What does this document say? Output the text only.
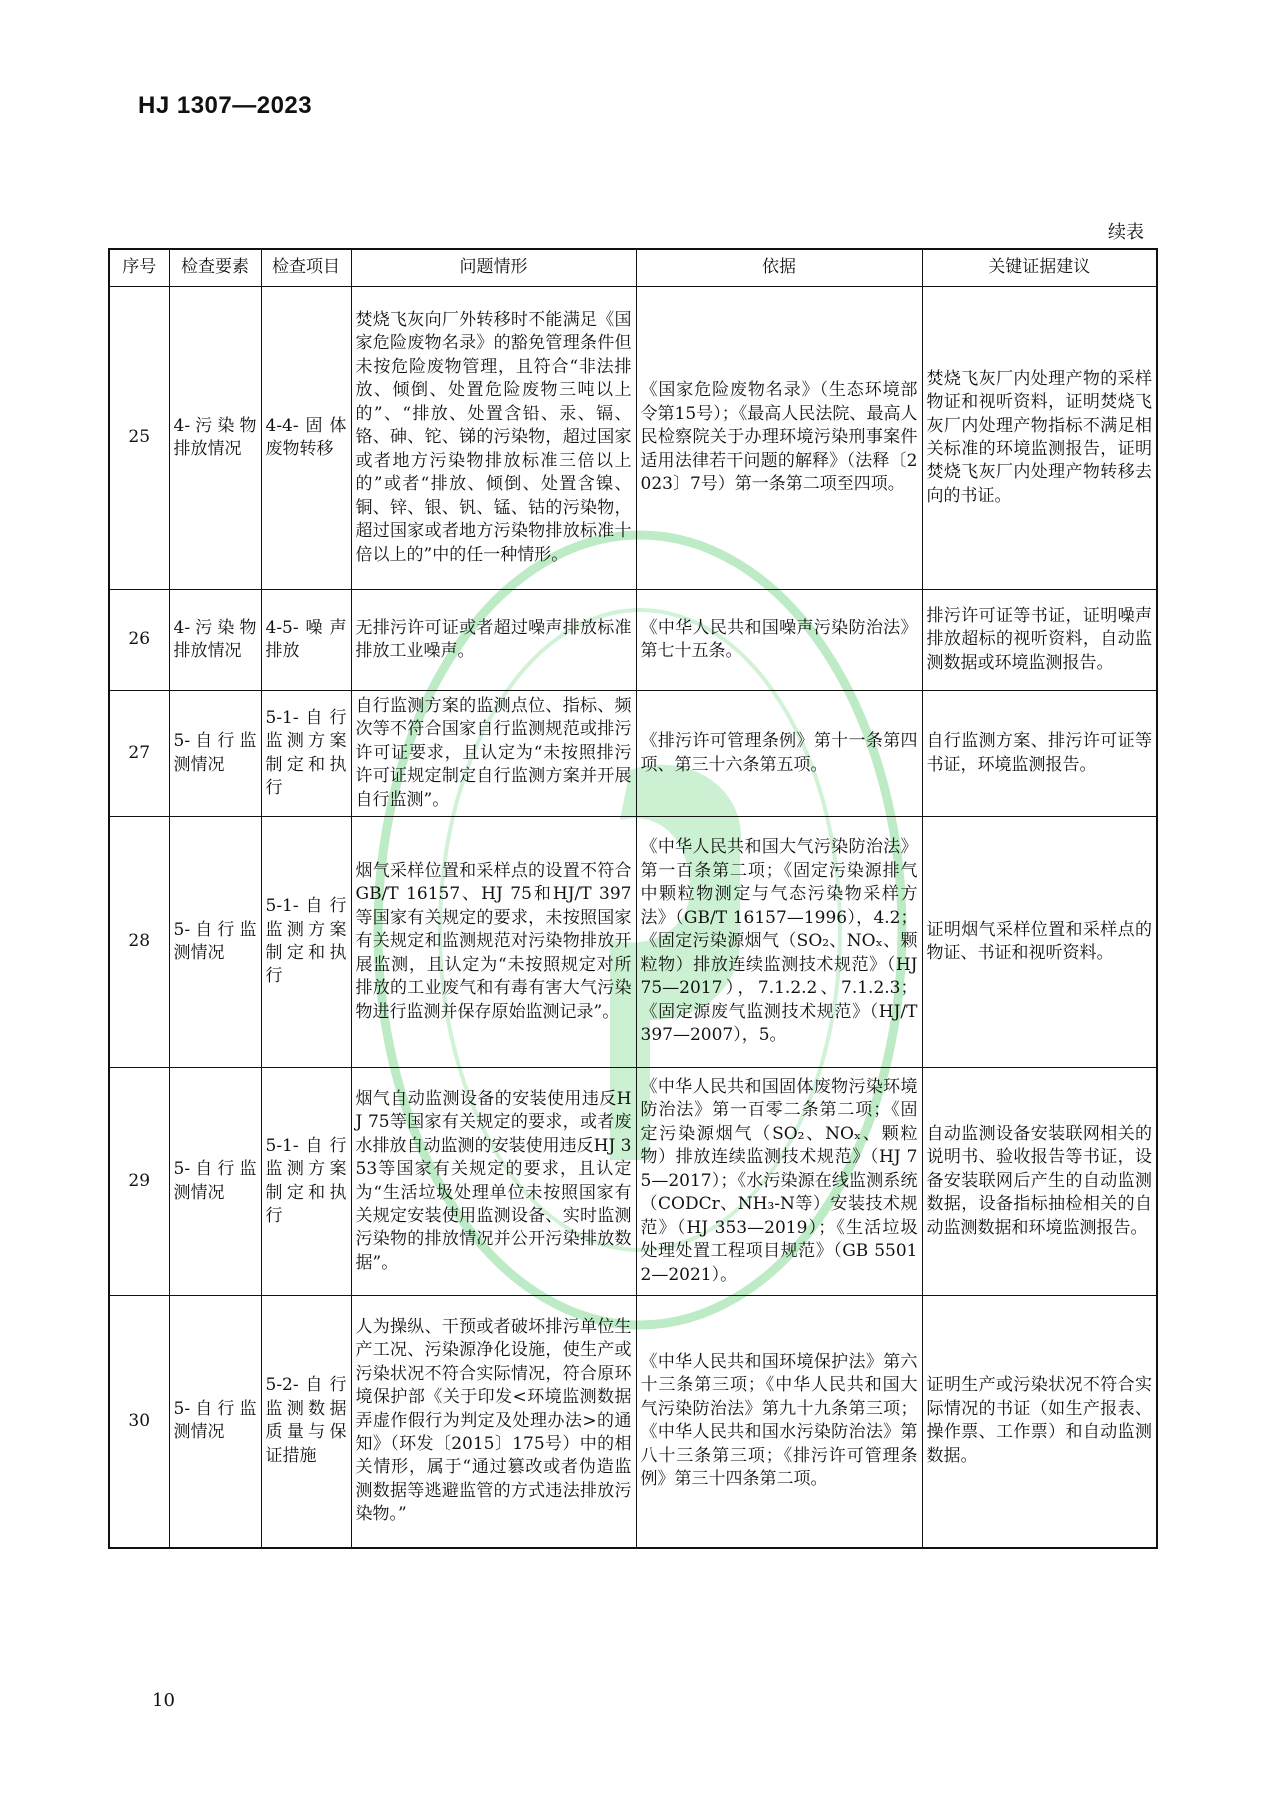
HJ 1307—2023
续表
序号	检查要素	检查项目	问题情形	依据	关键证据建议
25	4-污染物排放情况	4-4-固体废物转移	焚烧飞灰向厂外转移时不能满足《国家危险废物名录》的豁免管理条件但未按危险废物管理，且符合“非法排放、倾倒、处置危险废物三吨以上的”、“排放、处置含铅、汞、镉、铬、砷、铊、锑的污染物，超过国家或者地方污染物排放标准三倍以上的”或者“排放、倾倒、处置含镍、铜、锌、银、钒、锰、钴的污染物，超过国家或者地方污染物排放标准十倍以上的”中的任一种情形。	《国家危险废物名录》（生态环境部令第15号）；《最高人民法院、最高人民检察院关于办理环境污染刑事案件适用法律若干问题的解释》（法释〔2023〕7号）第一条第二项至四项。	焚烧飞灰厂内处理产物的采样物证和视听资料，证明焚烧飞灰厂内处理产物指标不满足相关标准的环境监测报告，证明焚烧飞灰厂内处理产物转移去向的书证。
26	4-污染物排放情况	4-5-噪声排放	无排污许可证或者超过噪声排放标准排放工业噪声。	《中华人民共和国噪声污染防治法》第七十五条。	排污许可证等书证，证明噪声排放超标的视听资料，自动监测数据或环境监测报告。
27	5-自行监测情况	5-1-自行监测方案制定和执行	自行监测方案的监测点位、指标、频次等不符合国家自行监测规范或排污许可证要求，且认定为“未按照排污许可证规定制定自行监测方案并开展自行监测”。	《排污许可管理条例》第十一条第四项、第三十六条第五项。	自行监测方案、排污许可证等书证，环境监测报告。
28	5-自行监测情况	5-1-自行监测方案制定和执行	烟气采样位置和采样点的设置不符合GB/T 16157、HJ 75和HJ/T 397等国家有关规定的要求，未按照国家有关规定和监测规范对污染物排放开展监测，且认定为“未按照规定对所排放的工业废气和有毒有害大气污染物进行监测并保存原始监测记录”。	《中华人民共和国大气污染防治法》第一百条第二项；《固定污染源排气中颗粒物测定与气态污染物采样方法》（GB/T 16157—1996），4.2；《固定污染源烟气（SO₂、NOₓ、颗粒物）排放连续监测技术规范》（HJ 75—2017），7.1.2.2、7.1.2.3；《固定源废气监测技术规范》（HJ/T 397—2007），5。	证明烟气采样位置和采样点的物证、书证和视听资料。
29	5-自行监测情况	5-1-自行监测方案制定和执行	烟气自动监测设备的安装使用违反HJ 75等国家有关规定的要求，或者废水排放自动监测的安装使用违反HJ 353等国家有关规定的要求，且认定为“生活垃圾处理单位未按照国家有关规定安装使用监测设备、实时监测污染物的排放情况并公开污染排放数据”。	《中华人民共和国固体废物污染环境防治法》第一百零二条第二项；《固定污染源烟气（SO₂、NOₓ、颗粒物）排放连续监测技术规范》（HJ 75—2017）；《水污染源在线监测系统（CODCr、NH₃-N等）安装技术规范》（HJ 353—2019）；《生活垃圾处理处置工程项目规范》（GB 55012—2021）。	自动监测设备安装联网相关的说明书、验收报告等书证，设备安装联网后产生的自动监测数据，设备指标抽检相关的自动监测数据和环境监测报告。
30	5-自行监测情况	5-2-自行监测数据质量与保证措施	人为操纵、干预或者破坏排污单位生产工况、污染源净化设施，使生产或污染状况不符合实际情况，符合原环境保护部《关于印发<环境监测数据弄虚作假行为判定及处理办法>的通知》（环发〔2015〕175号）中的相关情形，属于“通过篡改或者伪造监测数据等逃避监管的方式违法排放污染物。”	《中华人民共和国环境保护法》第六十三条第三项；《中华人民共和国大气污染防治法》第九十九条第三项；《中华人民共和国水污染防治法》第八十三条第三项；《排污许可管理条例》第三十四条第二项。	证明生产或污染状况不符合实际情况的书证（如生产报表、操作票、工作票）和自动监测数据。
10
